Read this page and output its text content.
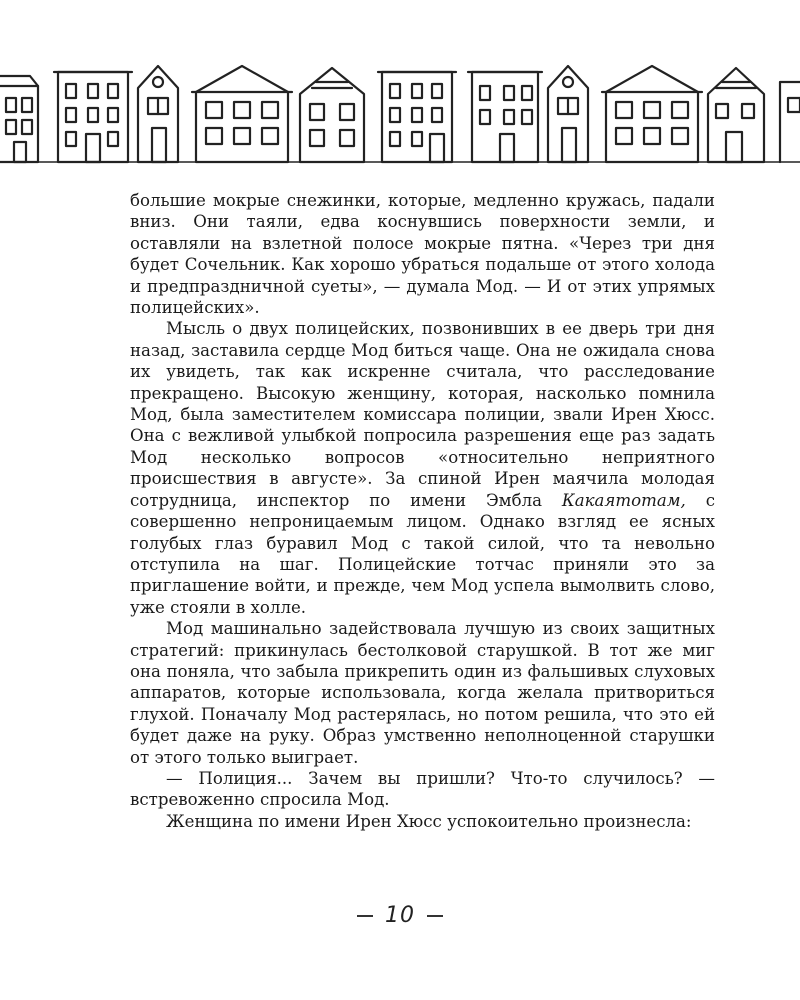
большие мокрые снежинки, которые, медленно кружась, падали вниз. Они таяли, едва коснувшись поверхности земли, и оставляли на взлетной полосе мокрые пятна. «Через три дня будет Сочельник. Как хорошо убраться подальше от этого холода и предпраздничной суеты», — думала Мод. — И от этих упрямых полицейских».

Мысль о двух полицейских, позвонивших в ее дверь три дня назад, заставила сердце Мод биться чаще. Она не ожидала снова их увидеть, так как искренне считала, что расследование прекращено. Высокую женщину, которая, насколько помнила Мод, была заместителем комиссара полиции, звали Ирен Хюсс. Она с вежливой улыбкой попросила разрешения еще раз задать Мод несколько вопросов «относительно неприятного происшествия в августе». За спиной Ирен маячила молодая сотрудница, инспектор по имени Эмбла Какаятотам, с совершенно непроницаемым лицом. Однако взгляд ее ясных голубых глаз буравил Мод с такой силой, что та невольно отступила на шаг. Полицейские тотчас приняли это за приглашение войти, и прежде, чем Мод успела вымолвить слово, уже стояли в холле.

Мод машинально задействовала лучшую из своих защитных стратегий: прикинулась бестолковой старушкой. В тот же миг она поняла, что забыла прикрепить один из фальшивых слуховых аппаратов, которые использовала, когда желала притвориться глухой. Поначалу Мод растерялась, но потом решила, что это ей будет даже на руку. Образ умственно неполноценной старушки от этого только выиграет.

— Полиция... Зачем вы пришли? Что-то случилось? — встревоженно спросила Мод.

Женщина по имени Ирен Хюсс успокоительно произнесла:

10
